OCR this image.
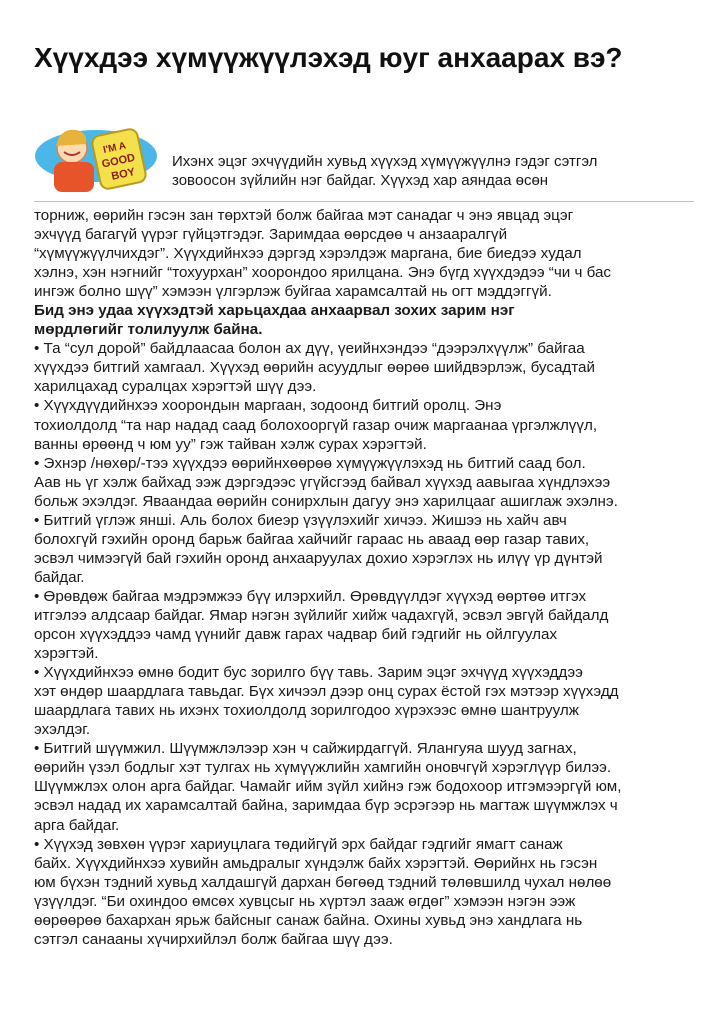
Хүүхдээ хүмүүжүүлэхэд юуг анхаарах вэ?
I'M A
GOOD
BOY
Ихэнх эцэг эхчүүдийн хувьд хүүхэд хүмүүжүүлнэ гэдэг сэтгэл
зовоосон зүйлийн нэг байдаг. Хүүхэд хар аяндаа өсөн

торниж, өөрийн гэсэн зан төрхтэй болж байгаа мэт санадаг ч энэ явцад эцэг

эхчүүд багагүй үүрэг гүйцэтгэдэг. Заримдаа өөрсдөө ч анзааралгүй

“хүмүүжүүлчихдэг”. Хүүхдийнхээ дэргэд хэрэлдэж маргана, бие биедээ худал

хэлнэ, хэн нэгнийг “тохуурхан” хоорондоо ярилцана. Энэ бүгд хүүхдэдээ “чи ч бас

ингэж болно шүү” хэмээн үлгэрлэж буйгаа харамсалтай нь огт мэддэггүй.

Бид энэ удаа хүүхэдтэй харьцахдаа анхаарвал зохих зарим нэг

мөрдлөгийг толилуулж байна.

• Та “сул дорой” байдлаасаа болон ах дүү, үеийнхэндээ “дээрэлхүүлж” байгаа

хүүхдээ битгий хамгаал. Хүүхэд өөрийн асуудлыг өөрөө шийдвэрлэж, бусадтай

харилцахад суралцах хэрэгтэй шүү дээ.

• Хүүхдүүдийнхээ хоорондын маргаан, зодоонд битгий оролц. Энэ

тохиолдолд “та нар надад саад болохооргүй газар очиж маргаанаа үргэлжлүүл,

ванны өрөөнд ч юм уу” гэж тайван хэлж сурах хэрэгтэй.

• Эхнэр /нөхөр/-тээ хүүхдээ өөрийнхөөрөө хүмүүжүүлэхэд нь битгий саад бол.

Аав нь үг хэлж байхад ээж дэргэдээс үгүйсгээд байвал хүүхэд аавыгаа хүндлэхээ

больж эхэлдэг. Яваандаа өөрийн сонирхлын дагуу энэ харилцааг ашиглаж эхэлнэ.

• Битгий үглэж яншi. Аль болох биеэр үзүүлэхийг хичээ. Жишээ нь хайч авч

болохгүй гэхийн оронд барьж байгаа хайчийг гараас нь аваад өөр газар тавих,

эсвэл чимээгүй бай гэхийн оронд анхааруулах дохио хэрэглэх нь илүү үр дүнтэй

байдаг.

• Өрөвдөж байгаа мэдрэмжээ бүү илэрхийл. Өрөвдүүлдэг хүүхэд өөртөө итгэх

итгэлээ алдсаар байдаг. Ямар нэгэн зүйлийг хийж чадахгүй, эсвэл эвгүй байдалд

орсон хүүхэддээ чамд үүнийг давж гарах чадвар бий гэдгийг нь ойлгуулах

хэрэгтэй.

• Хүүхдийнхээ өмнө бодит бус зорилго бүү тавь. Зарим эцэг эхчүүд хүүхэддээ

хэт өндөр шаардлага тавьдаг. Бүх хичээл дээр онц сурах ёстой гэх мэтээр хүүхэдд

шаардлага тавих нь ихэнх тохиолдолд зорилгодоо хүрэхээс өмнө шантруулж

эхэлдэг.

• Битгий шүүмжил. Шүүмжлэлээр хэн ч сайжирдаггүй. Ялангуяа шууд загнах,

өөрийн үзэл бодлыг хэт тулгах нь хүмүүжлийн хамгийн оновчгүй хэрэглүүр билээ.

Шүүмжлэх олон арга байдаг. Чамайг ийм зүйл хийнэ гэж бодохоор итгэмээргүй юм,

эсвэл надад их харамсалтай байна, заримдаа бүр эсрэгээр нь магтаж шүүмжлэх ч

арга байдаг.

• Хүүхэд зөвхөн үүрэг хариуцлага төдийгүй эрх байдаг гэдгийг ямагт санаж

байх. Хүүхдийнхээ хувийн амьдралыг хүндэлж байх хэрэгтэй. Өөрийнх нь гэсэн

юм бүхэн тэдний хувьд халдашгүй дархан бөгөөд тэдний төлөвшилд чухал нөлөө

үзүүлдэг. “Би охиндоо өмсөх хувцсыг нь хүртэл зааж өгдөг” хэмээн нэгэн ээж

өөрөөрөө бахархан ярьж байсныг санаж байна. Охины хувьд энэ хандлага нь

сэтгэл санааны хүчирхийлэл болж байгаа шүү дээ.
